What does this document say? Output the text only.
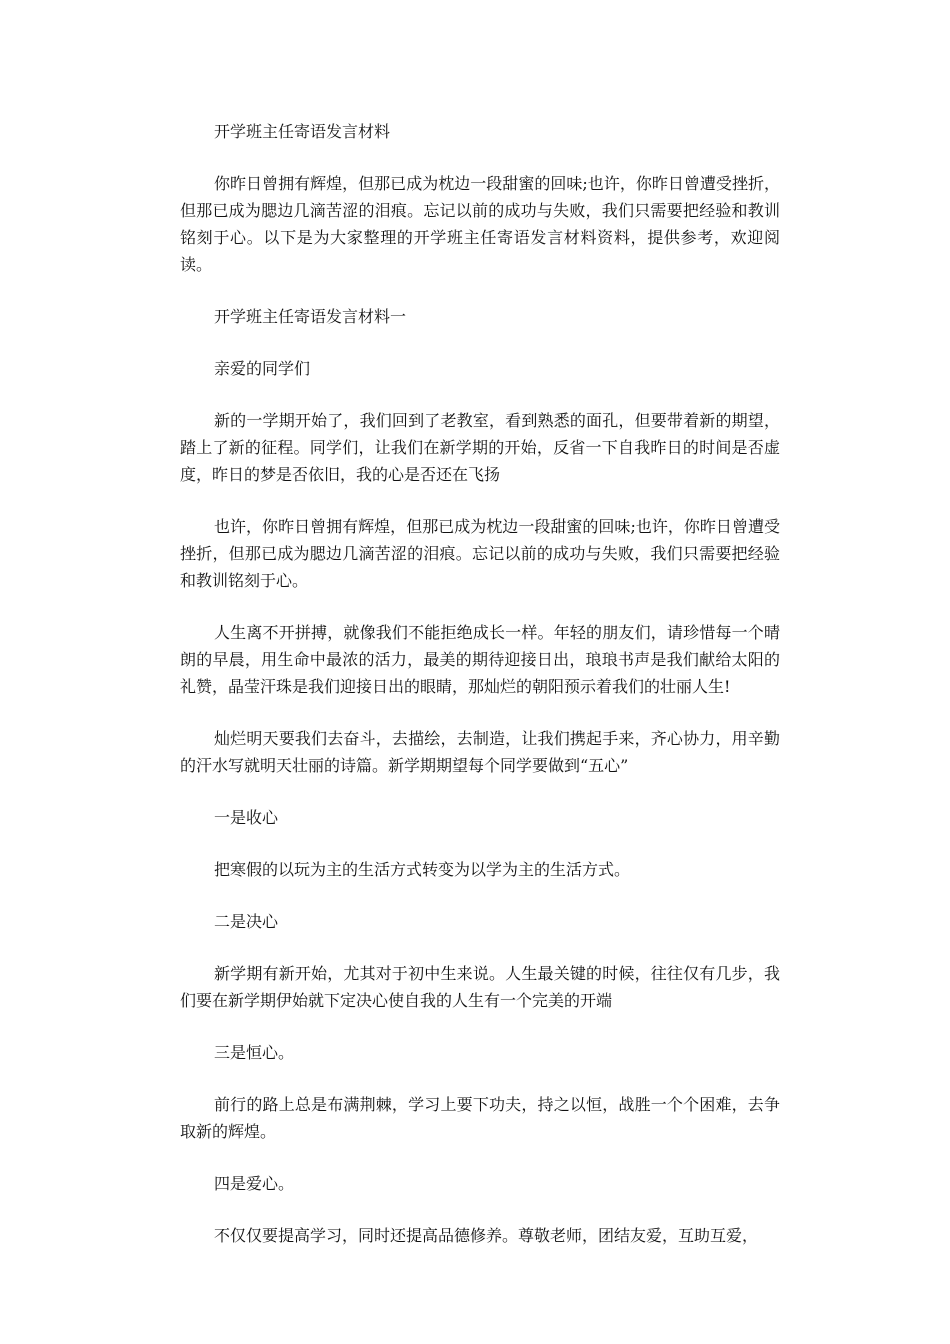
开学班主任寄语发言材料

你昨日曾拥有辉煌，但那已成为枕边一段甜蜜的回味;也许，你昨日曾遭受挫折，但那已成为腮边几滴苦涩的泪痕。忘记以前的成功与失败，我们只需要把经验和教训铭刻于心。以下是为大家整理的开学班主任寄语发言材料资料，提供参考，欢迎阅读。

开学班主任寄语发言材料一

亲爱的同学们

新的一学期开始了，我们回到了老教室，看到熟悉的面孔，但要带着新的期望，踏上了新的征程。同学们，让我们在新学期的开始，反省一下自我昨日的时间是否虚度，昨日的梦是否依旧，我的心是否还在飞扬

也许，你昨日曾拥有辉煌，但那已成为枕边一段甜蜜的回味;也许，你昨日曾遭受挫折，但那已成为腮边几滴苦涩的泪痕。忘记以前的成功与失败，我们只需要把经验和教训铭刻于心。

人生离不开拼搏，就像我们不能拒绝成长一样。年轻的朋友们，请珍惜每一个晴朗的早晨，用生命中最浓的活力，最美的期待迎接日出，琅琅书声是我们献给太阳的礼赞，晶莹汗珠是我们迎接日出的眼睛，那灿烂的朝阳预示着我们的壮丽人生!

灿烂明天要我们去奋斗，去描绘，去制造，让我们携起手来，齐心协力，用辛勤的汗水写就明天壮丽的诗篇。新学期期望每个同学要做到“五心”

一是收心

把寒假的以玩为主的生活方式转变为以学为主的生活方式。

二是决心

新学期有新开始，尤其对于初中生来说。人生最关键的时候，往往仅有几步，我们要在新学期伊始就下定决心使自我的人生有一个完美的开端

三是恒心。

前行的路上总是布满荆棘，学习上要下功夫，持之以恒，战胜一个个困难，去争取新的辉煌。

四是爱心。

不仅仅要提高学习，同时还提高品德修养。尊敬老师，团结友爱，互助互爱，
